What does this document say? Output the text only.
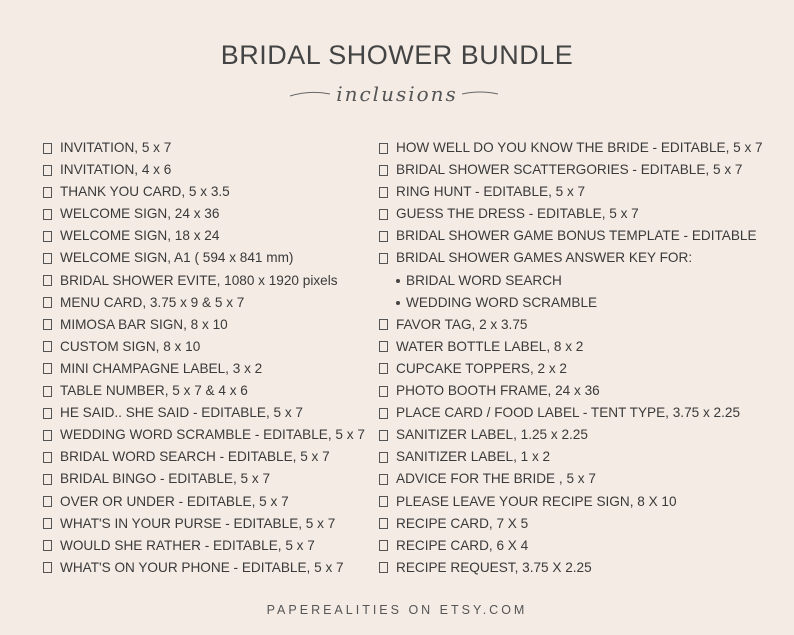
BRIDAL SHOWER BUNDLE
inclusions
INVITATION, 5 x 7
INVITATION, 4 x 6
THANK YOU CARD, 5 x 3.5
WELCOME SIGN, 24 x 36
WELCOME SIGN, 18 x 24
WELCOME SIGN, A1 ( 594 x 841 mm)
BRIDAL SHOWER EVITE, 1080 x 1920 pixels
MENU CARD, 3.75 x 9 & 5 x 7
MIMOSA BAR SIGN, 8 x 10
CUSTOM SIGN, 8 x 10
MINI CHAMPAGNE LABEL, 3 x 2
TABLE NUMBER, 5 x 7 & 4 x 6
HE SAID.. SHE SAID - EDITABLE, 5 x 7
WEDDING WORD SCRAMBLE - EDITABLE, 5 x 7
BRIDAL WORD SEARCH - EDITABLE, 5 x 7
BRIDAL BINGO - EDITABLE, 5 x 7
OVER OR UNDER - EDITABLE, 5 x 7
WHAT'S IN YOUR PURSE - EDITABLE, 5 x 7
WOULD SHE RATHER - EDITABLE, 5 x 7
WHAT'S ON YOUR PHONE - EDITABLE, 5 x 7
HOW WELL DO YOU KNOW THE BRIDE - EDITABLE, 5 x 7
BRIDAL SHOWER SCATTERGORIES - EDITABLE, 5 x 7
RING HUNT - EDITABLE, 5 x 7
GUESS THE DRESS - EDITABLE, 5 x 7
BRIDAL SHOWER GAME BONUS TEMPLATE - EDITABLE
BRIDAL SHOWER GAMES ANSWER KEY FOR:
BRIDAL WORD SEARCH
WEDDING WORD SCRAMBLE
FAVOR TAG, 2 x 3.75
WATER BOTTLE LABEL, 8 x 2
CUPCAKE TOPPERS, 2 x 2
PHOTO BOOTH FRAME, 24 x 36
PLACE CARD / FOOD LABEL - TENT TYPE, 3.75 x 2.25
SANITIZER LABEL, 1.25 x 2.25
SANITIZER LABEL, 1 x 2
ADVICE FOR THE BRIDE , 5 x 7
PLEASE LEAVE YOUR RECIPE SIGN, 8 X 10
RECIPE CARD, 7 X 5
RECIPE CARD, 6 X 4
RECIPE REQUEST, 3.75 X 2.25
PAPEREALITIES ON ETSY.COM
